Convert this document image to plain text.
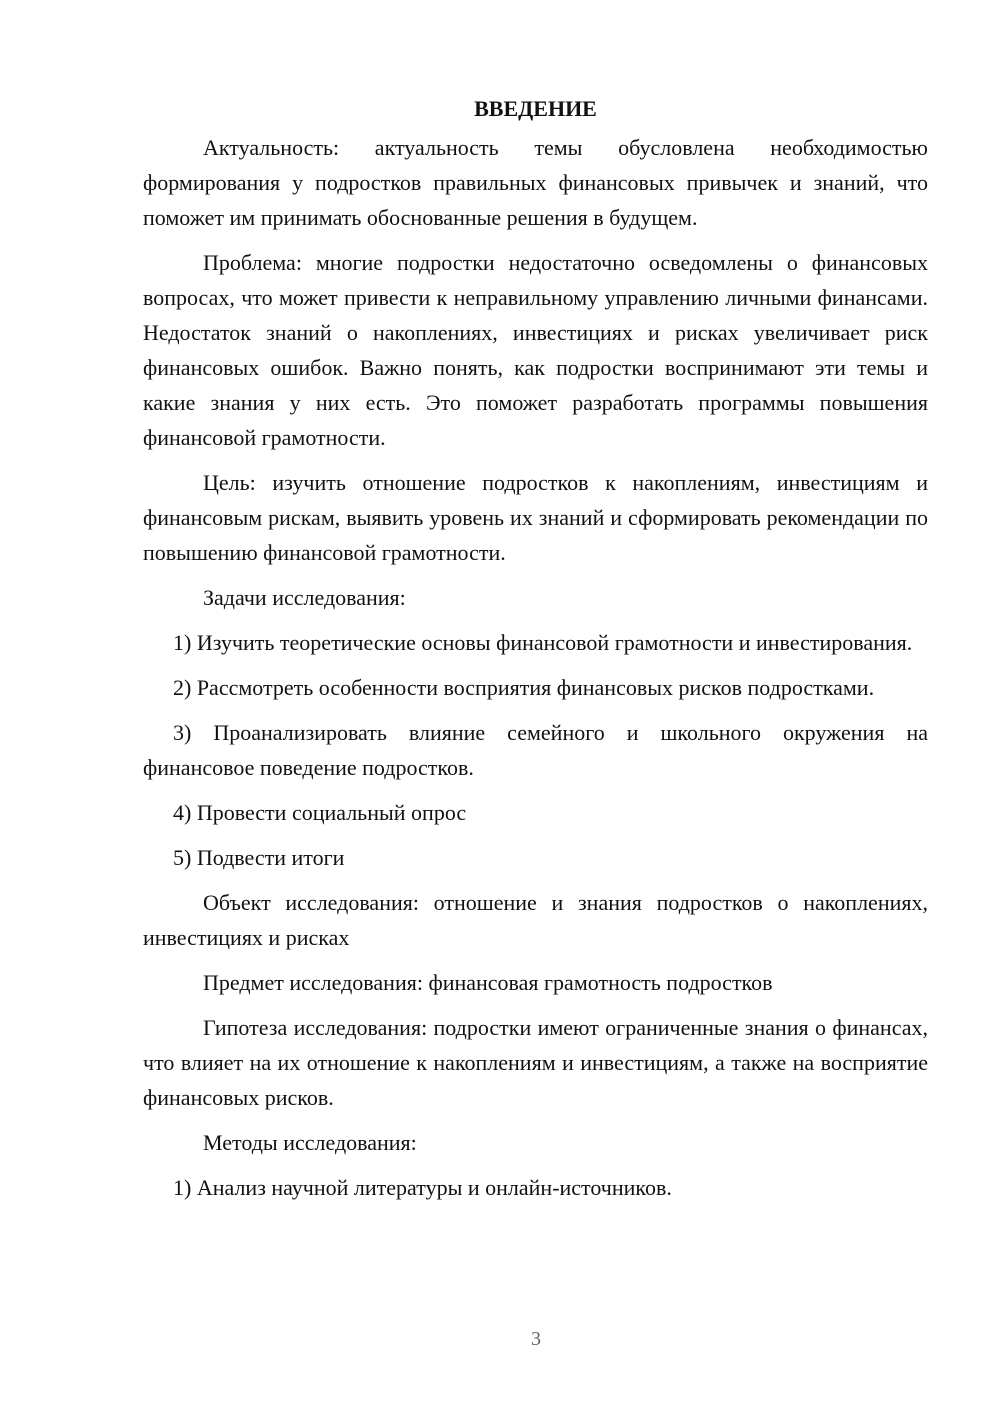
ВВЕДЕНИЕ

Актуальность: актуальность темы обусловлена необходимостью формирования у подростков правильных финансовых привычек и знаний, что поможет им принимать обоснованные решения в будущем.

Проблема: многие подростки недостаточно осведомлены о финансовых вопросах, что может привести к неправильному управлению личными финансами. Недостаток знаний о накоплениях, инвестициях и рисках увеличивает риск финансовых ошибок. Важно понять, как подростки воспринимают эти темы и какие знания у них есть. Это поможет разработать программы повышения финансовой грамотности.

Цель: изучить отношение подростков к накоплениям, инвестициям и финансовым рискам, выявить уровень их знаний и сформировать рекомендации по повышению финансовой грамотности.

Задачи исследования:

1) Изучить теоретические основы финансовой грамотности и инвестирования.

2) Рассмотреть особенности восприятия финансовых рисков подростками.

3) Проанализировать влияние семейного и школьного окружения на финансовое поведение подростков.

4) Провести социальный опрос

5) Подвести итоги

Объект исследования: отношение и знания подростков о накоплениях, инвестициях и рисках

Предмет исследования: финансовая грамотность подростков

Гипотеза исследования: подростки имеют ограниченные знания о финансах, что влияет на их отношение к накоплениям и инвестициям, а также на восприятие финансовых рисков.

Методы исследования:

1) Анализ научной литературы и онлайн-источников.

3
